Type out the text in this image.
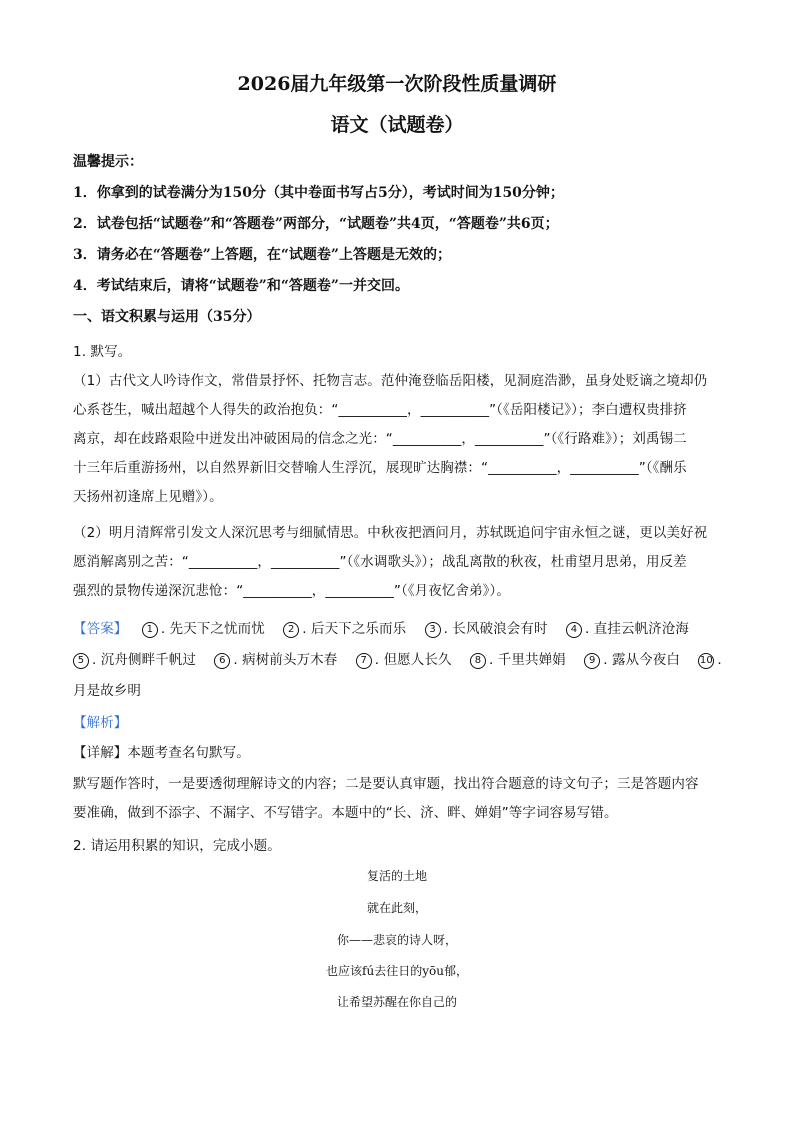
2026届九年级第一次阶段性质量调研
语文（试题卷）
温馨提示：
1．你拿到的试卷满分为150分（其中卷面书写占5分），考试时间为150分钟；
2．试卷包括“试题卷”和“答题卷”两部分，“试题卷”共4页，“答题卷”共6页；
3．请务必在“答题卷”上答题，在“试题卷”上答题是无效的；
4．考试结束后，请将“试题卷”和“答题卷”一并交回。
一、语文积累与运用（35分）
1. 默写。
（1）古代文人吟诗作文，常借景抒怀、托物言志。范仲淹登临岳阳楼，见洞庭浩渺，虽身处贬谪之境却仍
心系苍生，喊出超越个人得失的政治抱负：“__________，__________”（《岳阳楼记》）；李白遭权贵排挤
离京，却在歧路艰险中迸发出冲破困局的信念之光：“__________，__________”（《行路难》）；刘禹锡二
十三年后重游扬州，以自然界新旧交替喻人生浮沉，展现旷达胸襟：“__________，__________”（《酬乐
天扬州初逢席上见赠》）。
（2）明月清辉常引发文人深沉思考与细腻情思。中秋夜把酒问月，苏轼既追问宇宙永恒之谜，更以美好祝
愿消解离别之苦：“__________，__________”（《水调歌头》）；战乱离散的秋夜，杜甫望月思弟，用反差
强烈的景物传递深沉悲怆：“__________，__________”（《月夜忆舍弟》）。
【答案】 1 . 先天下之忧而忧 2 . 后天下之乐而乐 3 . 长风破浪会有时 4 . 直挂云帆济沧海 5 . 沉舟侧畔千帆过 6 . 病树前头万木春 7 . 但愿人长久 8 . 千里共婵娟 9 . 露从今夜白 10 . 月是故乡明
【解析】
【详解】本题考查名句默写。
默写题作答时，一是要透彻理解诗文的内容；二是要认真审题，找出符合题意的诗文句子；三是答题内容
要准确，做到不添字、不漏字、不写错字。本题中的“长、济、畔、婵娟”等字词容易写错。
2. 请运用积累的知识，完成小题。
复活的土地
就在此刻，
你——悲哀的诗人呀，
也应该fú去往日的yōu郁，
让希望苏醒在你自己的
